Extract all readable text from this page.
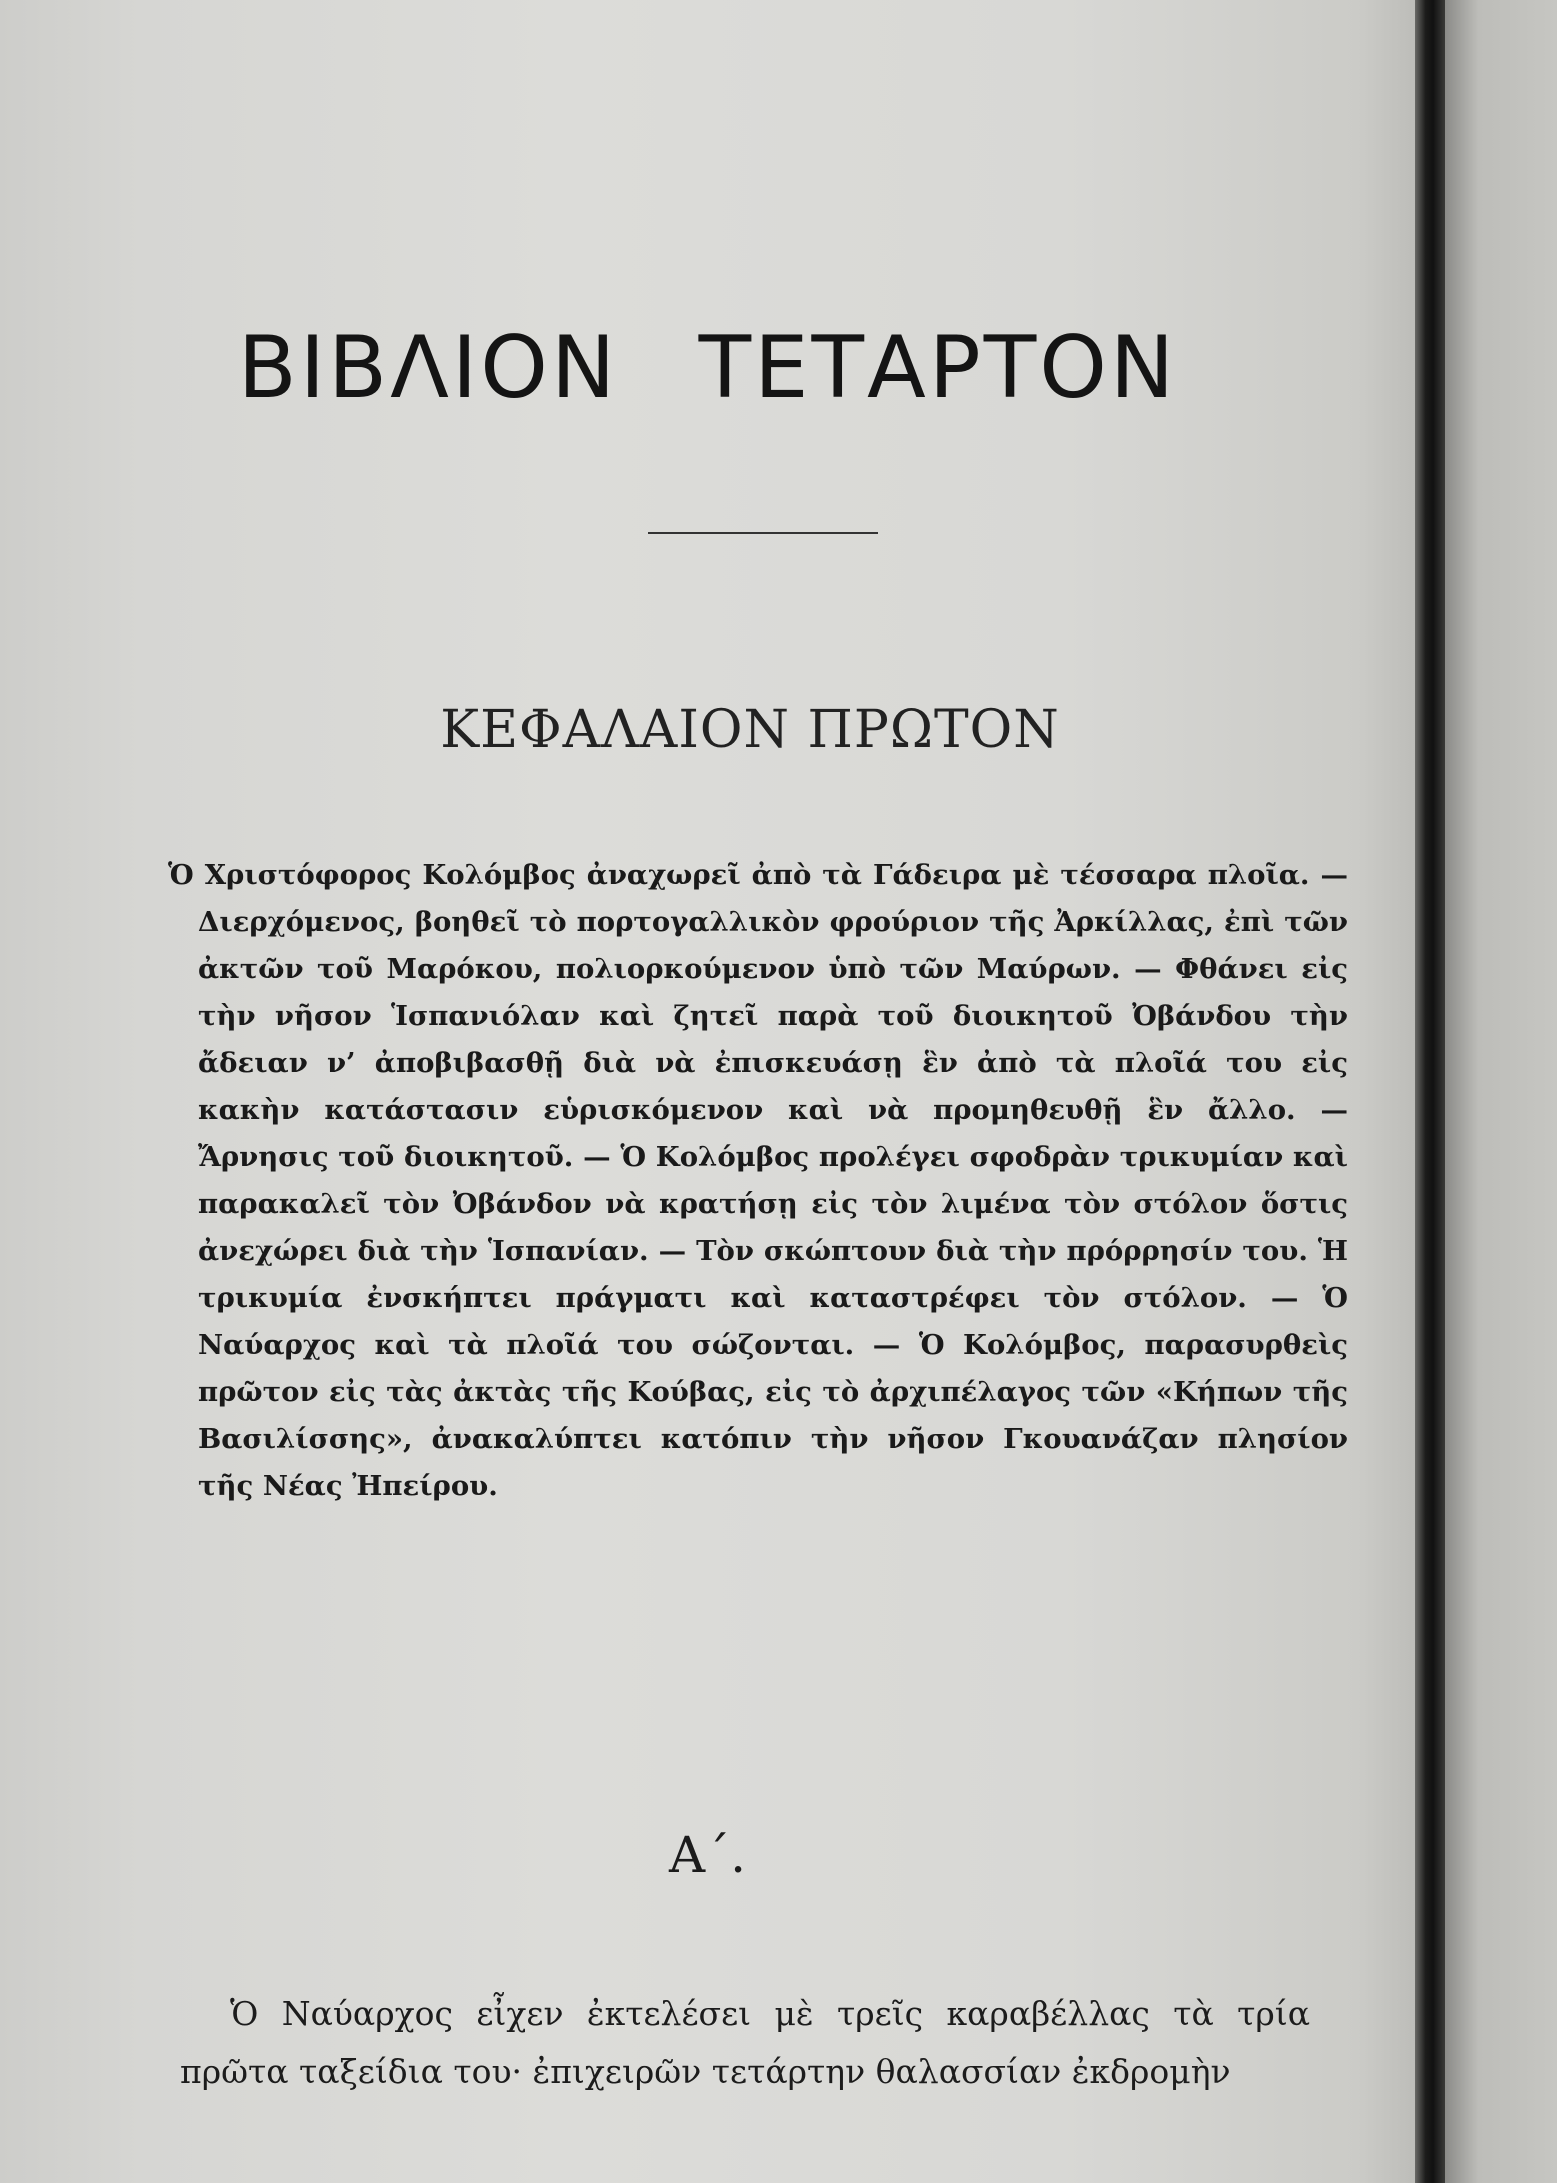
ΒΙΒΛΙΟΝ ΤΕΤΑΡΤΟΝ
ΚΕΦΑΛΑΙΟΝ ΠΡΩΤΟΝ

Ὁ Χριστόφορος Κολόμβος ἀναχωρεῖ ἀπὸ τὰ Γάδειρα μὲ τέσσαρα πλοῖα. — Διερχόμενος, βοηθεῖ τὸ πορτογαλλικὸν φρούριον τῆς Ἀρκίλλας, ἐπὶ τῶν ἀκτῶν τοῦ Μαρόκου, πολιορκούμενον ὑπὸ τῶν Μαύρων. — Φθάνει εἰς τὴν νῆσον Ἱσπανιόλαν καὶ ζητεῖ παρὰ τοῦ διοικητοῦ Ὀβάνδου τὴν ἄδειαν ν’ ἀποβιβασθῇ διὰ νὰ ἐπισκευάσῃ ἓν ἀπὸ τὰ πλοῖά του εἰς κακὴν κατάστασιν εὑρισκόμενον καὶ νὰ προμηθευθῇ ἓν ἄλλο. — Ἄρνησις τοῦ διοικητοῦ. — Ὁ Κολόμβος προλέγει σφοδρὰν τρικυμίαν καὶ παρακαλεῖ τὸν Ὀβάνδον νὰ κρατήσῃ εἰς τὸν λιμένα τὸν στόλον ὅστις ἀνεχώρει διὰ τὴν Ἱσπανίαν. — Τὸν σκώπτουν διὰ τὴν πρόρρησίν του. Ἡ τρικυμία ἐνσκήπτει πράγματι καὶ καταστρέφει τὸν στόλον. — Ὁ Ναύαρχος καὶ τὰ πλοῖά του σώζονται. — Ὁ Κολόμβος, παρασυρθεὶς πρῶτον εἰς τὰς ἀκτὰς τῆς Κούβας, εἰς τὸ ἀρχιπέλαγος τῶν «Κήπων τῆς Βασιλίσσης», ἀνακαλύπτει κατόπιν τὴν νῆσον Γκουανάζαν πλησίον τῆς Νέας Ἠπείρου.

Α΄.

Ὁ Ναύαρχος εἶχεν ἐκτελέσει μὲ τρεῖς καραβέλλας τὰ τρία πρῶτα ταξείδια του· ἐπιχειρῶν τετάρτην θαλασσίαν ἐκδρομὴν
